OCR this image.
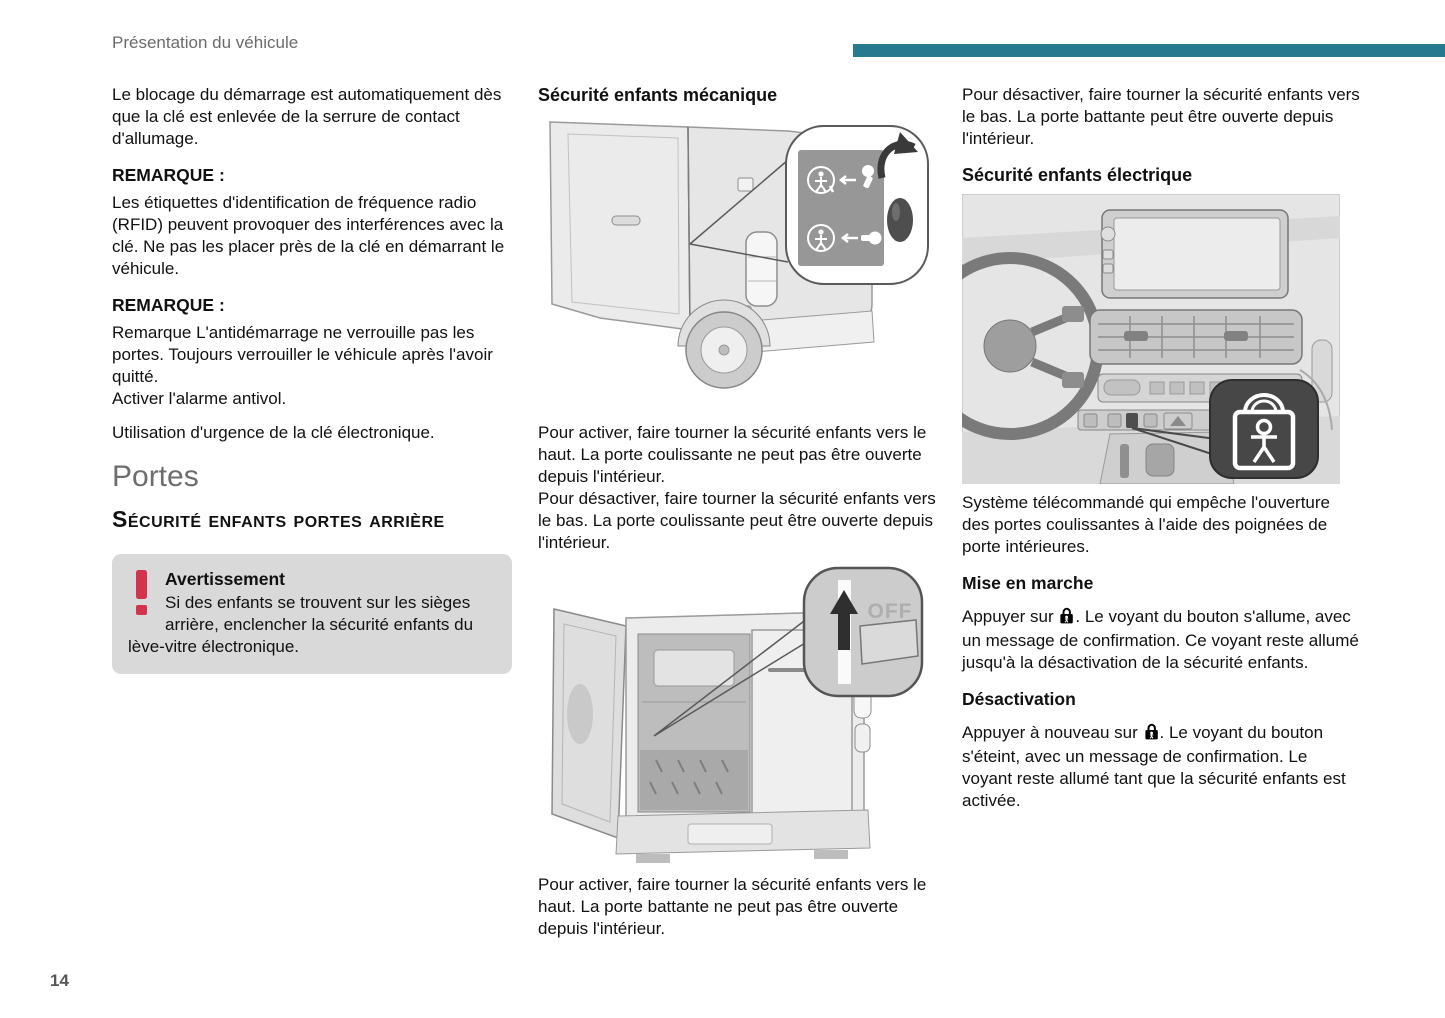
Présentation du véhicule

Le blocage du démarrage est automatiquement dès que la clé est enlevée de la serrure de contact d'allumage.

REMARQUE :

Les étiquettes d'identification de fréquence radio (RFID) peuvent provoquer des interférences avec la clé. Ne pas les placer près de la clé en démarrant le véhicule.

REMARQUE :

Remarque L'antidémarrage ne verrouille pas les portes. Toujours verrouiller le véhicule après l'avoir quitté.

Activer l'alarme antivol.

Utilisation d'urgence de la clé électronique.

Portes
Sécurité enfants portes arrière
Avertissement
Si des enfants se trouvent sur les sièges arrière, enclencher la sécurité enfants du lève-vitre électronique.
Sécurité enfants mécanique

Pour activer, faire tourner la sécurité enfants vers le haut. La porte coulissante ne peut pas être ouverte depuis l'intérieur.

Pour désactiver, faire tourner la sécurité enfants vers le bas. La porte coulissante peut être ouverte depuis l'intérieur.

OFF

Pour activer, faire tourner la sécurité enfants vers le haut. La porte battante ne peut pas être ouverte depuis l'intérieur.

Pour désactiver, faire tourner la sécurité enfants vers le bas. La porte battante peut être ouverte depuis l'intérieur.

Sécurité enfants électrique

Système télécommandé qui empêche l'ouverture des portes coulissantes à l'aide des poignées de porte intérieures.

Mise en marche

Appuyer sur . Le voyant du bouton s'allume, avec un message de confirmation. Ce voyant reste allumé jusqu'à la désactivation de la sécurité enfants.

Désactivation

Appuyer à nouveau sur . Le voyant du bouton s'éteint, avec un message de confirmation. Le voyant reste allumé tant que la sécurité enfants est activée.

14
